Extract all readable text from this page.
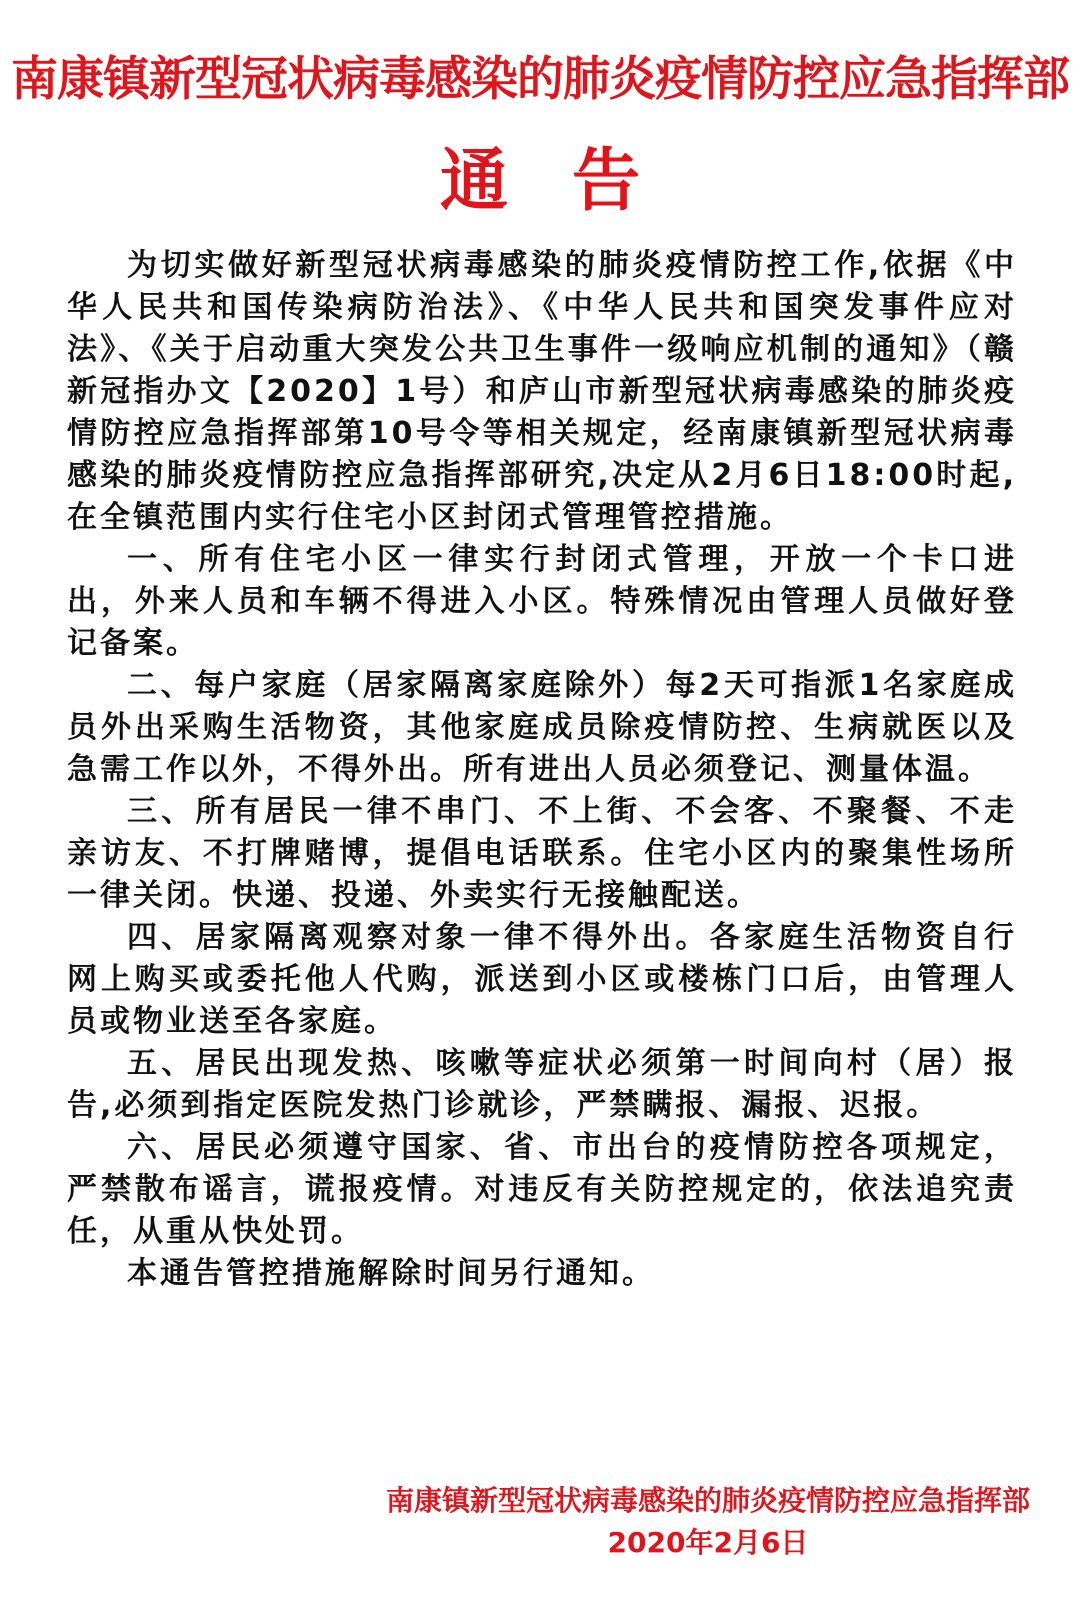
南康镇新型冠状病毒感染的肺炎疫情防控应急指挥部
通告

为切实做好新型冠状病毒感染的肺炎疫情防控工作,依据《中华人民共和国传染病防治法》、《中华人民共和国突发事件应对法》、《关于启动重大突发公共卫生事件一级响应机制的通知》（赣新冠指办文【2020】1号）和庐山市新型冠状病毒感染的肺炎疫情防控应急指挥部第10号令等相关规定，经南康镇新型冠状病毒感染的肺炎疫情防控应急指挥部研究,决定从2月6日18:00时起,在全镇范围内实行住宅小区封闭式管理管控措施。

一、所有住宅小区一律实行封闭式管理，开放一个卡口进出，外来人员和车辆不得进入小区。特殊情况由管理人员做好登记备案。

二、每户家庭（居家隔离家庭除外）每2天可指派1名家庭成员外出采购生活物资，其他家庭成员除疫情防控、生病就医以及急需工作以外，不得外出。所有进出人员必须登记、测量体温。

三、所有居民一律不串门、不上街、不会客、不聚餐、不走亲访友、不打牌赌博，提倡电话联系。住宅小区内的聚集性场所一律关闭。快递、投递、外卖实行无接触配送。

四、居家隔离观察对象一律不得外出。各家庭生活物资自行网上购买或委托他人代购，派送到小区或楼栋门口后，由管理人员或物业送至各家庭。

五、居民出现发热、咳嗽等症状必须第一时间向村（居）报告,必须到指定医院发热门诊就诊，严禁瞒报、漏报、迟报。

六、居民必须遵守国家、省、市出台的疫情防控各项规定，严禁散布谣言，谎报疫情。对违反有关防控规定的，依法追究责任，从重从快处罚。

本通告管控措施解除时间另行通知。

南康镇新型冠状病毒感染的肺炎疫情防控应急指挥部
2020年2月6日
